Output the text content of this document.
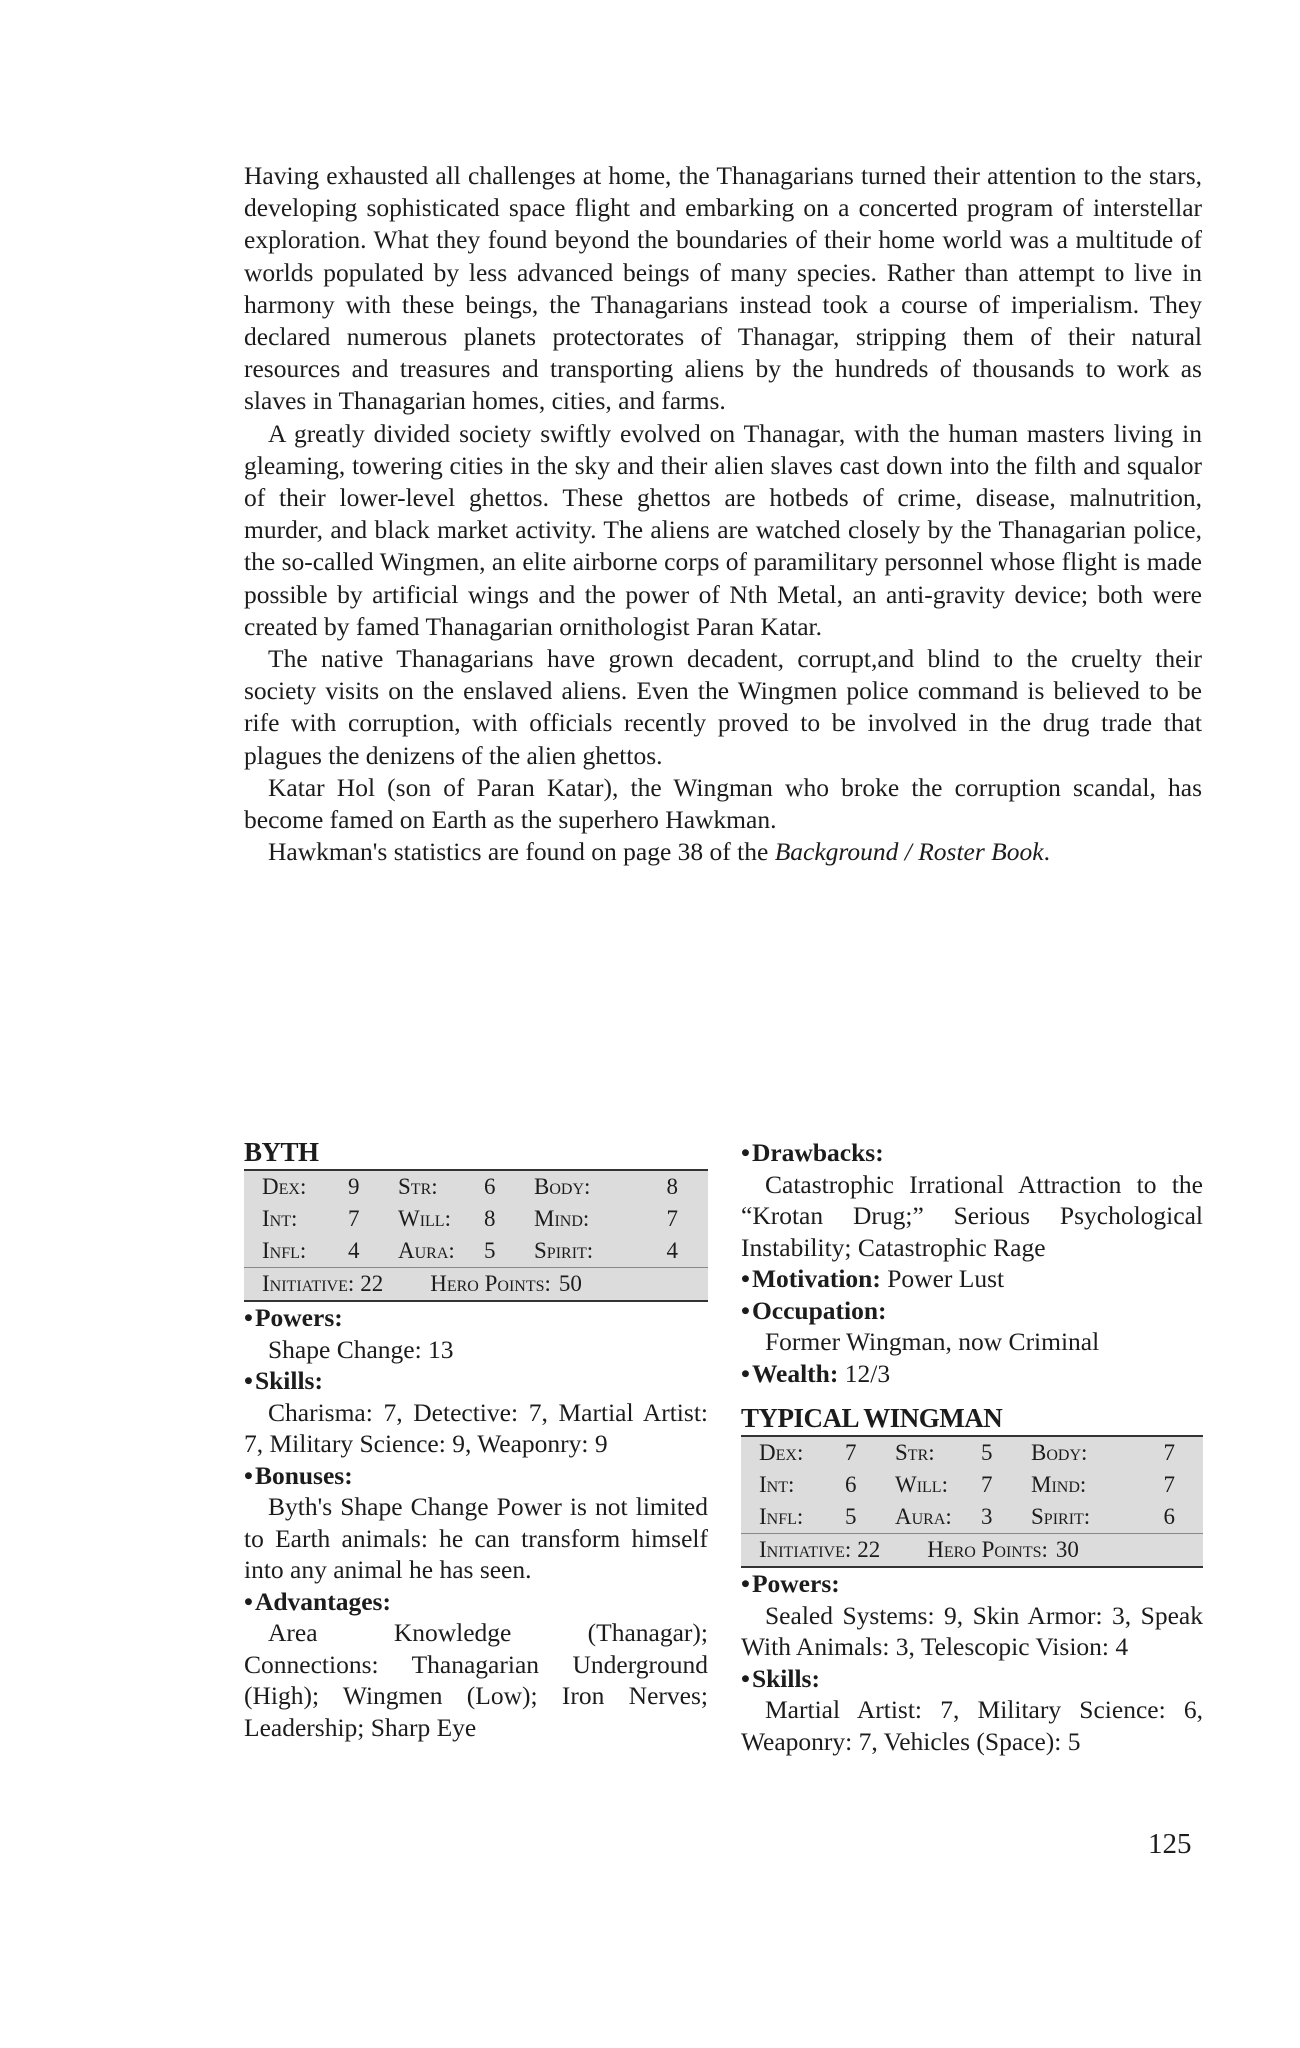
Having exhausted all challenges at home, the Thanagarians turned their attention to the stars, developing sophisticated space flight and embarking on a concerted program of interstellar exploration. What they found beyond the boundaries of their home world was a multitude of worlds populated by less advanced beings of many species. Rather than attempt to live in harmony with these beings, the Thanagarians instead took a course of imperialism. They declared numerous planets protectorates of Thanagar, stripping them of their natural resources and treasures and transporting aliens by the hundreds of thousands to work as slaves in Thanagarian homes, cities, and farms.

A greatly divided society swiftly evolved on Thanagar, with the human masters living in gleaming, towering cities in the sky and their alien slaves cast down into the filth and squalor of their lower-level ghettos. These ghettos are hotbeds of crime, disease, malnutrition, murder, and black market activity. The aliens are watched closely by the Thanagarian police, the so-called Wingmen, an elite airborne corps of paramilitary personnel whose flight is made possible by artificial wings and the power of Nth Metal, an anti-gravity device; both were created by famed Thanagarian ornithologist Paran Katar.

The native Thanagarians have grown decadent, corrupt,and blind to the cruelty their society visits on the enslaved aliens. Even the Wingmen police command is believed to be rife with corruption, with officials recently proved to be involved in the drug trade that plagues the denizens of the alien ghettos.

Katar Hol (son of Paran Katar), the Wingman who broke the corruption scandal, has become famed on Earth as the superhero Hawkman.

Hawkman's statistics are found on page 38 of the Background / Roster Book.

BYTH
Dex:	9	Str:	6	Body:	8
Int:	7	Will:	8	Mind:	7
Infl:	4	Aura:	5	Spirit:	4
Initiative: 22	Hero Points: 50
•Powers:
Shape Change: 13
•Skills:
Charisma: 7, Detective: 7, Martial Artist: 7, Military Science: 9, Weaponry: 9
•Bonuses:
Byth's Shape Change Power is not limited to Earth animals: he can transform himself into any animal he has seen.
•Advantages:
Area Knowledge (Thanagar); Connections: Thanagarian Underground (High); Wingmen (Low); Iron Nerves; Leadership; Sharp Eye
•Drawbacks:
Catastrophic Irrational Attraction to the “Krotan Drug;” Serious Psychological Instability; Catastrophic Rage
•Motivation: Power Lust
•Occupation:
Former Wingman, now Criminal
•Wealth: 12/3
TYPICAL WINGMAN
Dex:	7	Str:	5	Body:	7
Int:	6	Will:	7	Mind:	7
Infl:	5	Aura:	3	Spirit:	6
Initiative: 22	Hero Points: 30
•Powers:
Sealed Systems: 9, Skin Armor: 3, Speak With Animals: 3, Telescopic Vision: 4
•Skills:
Martial Artist: 7, Military Science: 6, Weaponry: 7, Vehicles (Space): 5
125
